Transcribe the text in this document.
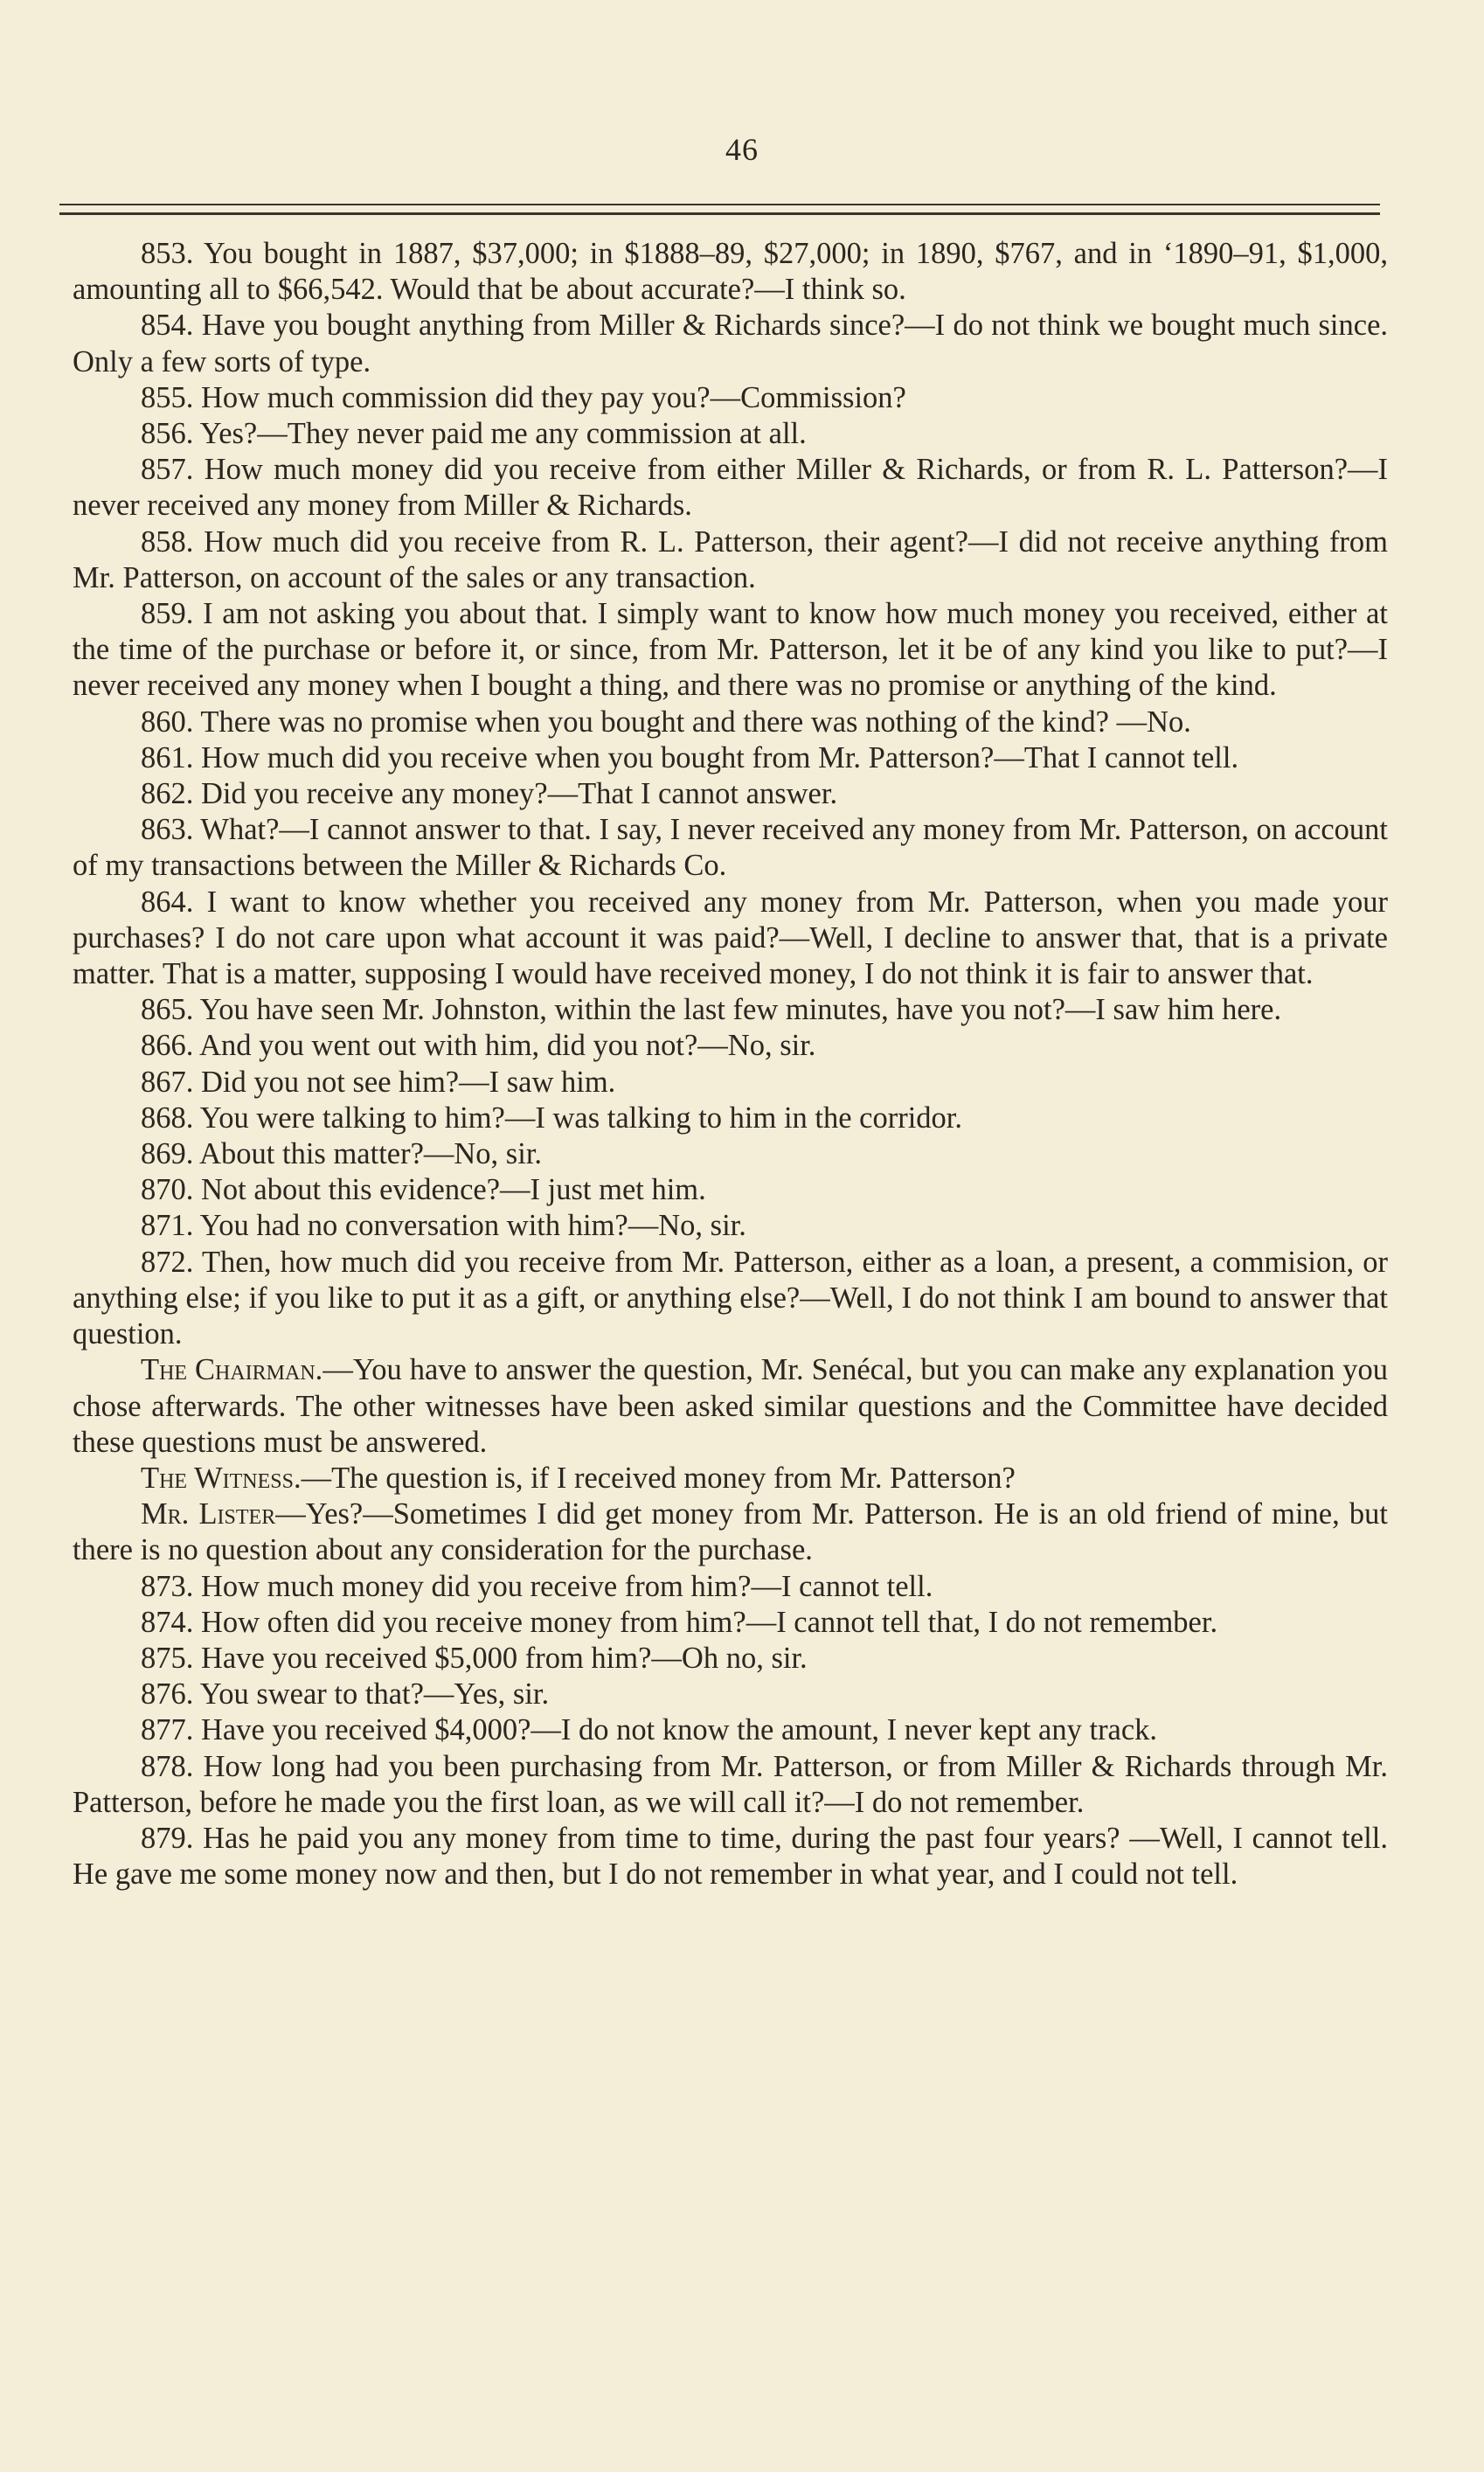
46

853. You bought in 1887, $37,000; in $1888–89, $27,000; in 1890, $767, and in ‘1890–91, $1,000, amounting all to $66,542. Would that be about accurate?—I think so.

854. Have you bought anything from Miller & Richards since?—I do not think we bought much since. Only a few sorts of type.

855. How much commission did they pay you?—Commission?

856. Yes?—They never paid me any commission at all.

857. How much money did you receive from either Miller & Richards, or from R. L. Patterson?—I never received any money from Miller & Richards.

858. How much did you receive from R. L. Patterson, their agent?—I did not receive anything from Mr. Patterson, on account of the sales or any transaction.

859. I am not asking you about that. I simply want to know how much money you received, either at the time of the purchase or before it, or since, from Mr. Patterson, let it be of any kind you like to put?—I never received any money when I bought a thing, and there was no promise or anything of the kind.

860. There was no promise when you bought and there was nothing of the kind? —No.

861. How much did you receive when you bought from Mr. Patterson?—That I cannot tell.

862. Did you receive any money?—That I cannot answer.

863. What?—I cannot answer to that. I say, I never received any money from Mr. Patterson, on account of my transactions between the Miller & Richards Co.

864. I want to know whether you received any money from Mr. Patterson, when you made your purchases? I do not care upon what account it was paid?—Well, I decline to answer that, that is a private matter. That is a matter, supposing I would have received money, I do not think it is fair to answer that.

865. You have seen Mr. Johnston, within the last few minutes, have you not?—I saw him here.

866. And you went out with him, did you not?—No, sir.

867. Did you not see him?—I saw him.

868. You were talking to him?—I was talking to him in the corridor.

869. About this matter?—No, sir.

870. Not about this evidence?—I just met him.

871. You had no conversation with him?—No, sir.

872. Then, how much did you receive from Mr. Patterson, either as a loan, a present, a commision, or anything else; if you like to put it as a gift, or anything else?—Well, I do not think I am bound to answer that question.

The Chairman.—You have to answer the question, Mr. Senécal, but you can make any explanation you chose afterwards. The other witnesses have been asked similar questions and the Committee have decided these questions must be answered.

The Witness.—The question is, if I received money from Mr. Patterson?

Mr. Lister—Yes?—Sometimes I did get money from Mr. Patterson. He is an old friend of mine, but there is no question about any consideration for the purchase.

873. How much money did you receive from him?—I cannot tell.

874. How often did you receive money from him?—I cannot tell that, I do not remember.

875. Have you received $5,000 from him?—Oh no, sir.

876. You swear to that?—Yes, sir.

877. Have you received $4,000?—I do not know the amount, I never kept any track.

878. How long had you been purchasing from Mr. Patterson, or from Miller & Richards through Mr. Patterson, before he made you the first loan, as we will call it?—I do not remember.

879. Has he paid you any money from time to time, during the past four years? —Well, I cannot tell. He gave me some money now and then, but I do not remember in what year, and I could not tell.
